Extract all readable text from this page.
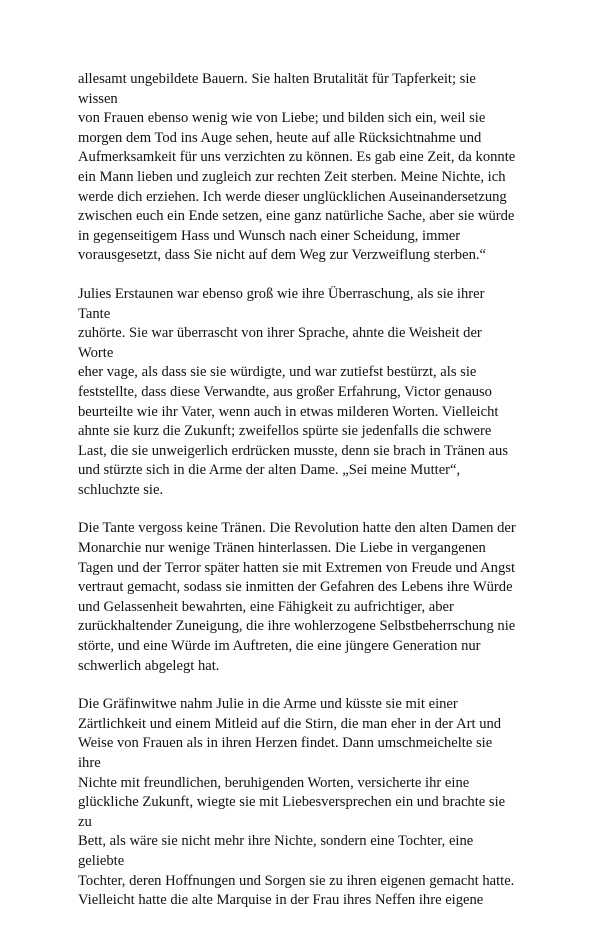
allesamt ungebildete Bauern. Sie halten Brutalität für Tapferkeit; sie wissen
von Frauen ebenso wenig wie von Liebe; und bilden sich ein, weil sie
morgen dem Tod ins Auge sehen, heute auf alle Rücksichtnahme und
Aufmerksamkeit für uns verzichten zu können. Es gab eine Zeit, da konnte
ein Mann lieben und zugleich zur rechten Zeit sterben. Meine Nichte, ich
werde dich erziehen. Ich werde dieser unglücklichen Auseinandersetzung
zwischen euch ein Ende setzen, eine ganz natürliche Sache, aber sie würde
in gegenseitigem Hass und Wunsch nach einer Scheidung, immer
vorausgesetzt, dass Sie nicht auf dem Weg zur Verzweiflung sterben.“

Julies Erstaunen war ebenso groß wie ihre Überraschung, als sie ihrer Tante
zuhörte. Sie war überrascht von ihrer Sprache, ahnte die Weisheit der Worte
eher vage, als dass sie sie würdigte, und war zutiefst bestürzt, als sie
feststellte, dass diese Verwandte, aus großer Erfahrung, Victor genauso
beurteilte wie ihr Vater, wenn auch in etwas milderen Worten. Vielleicht
ahnte sie kurz die Zukunft; zweifellos spürte sie jedenfalls die schwere
Last, die sie unweigerlich erdrücken musste, denn sie brach in Tränen aus
und stürzte sich in die Arme der alten Dame. „Sei meine Mutter“,
schluchzte sie.

Die Tante vergoss keine Tränen. Die Revolution hatte den alten Damen der
Monarchie nur wenige Tränen hinterlassen. Die Liebe in vergangenen
Tagen und der Terror später hatten sie mit Extremen von Freude und Angst
vertraut gemacht, sodass sie inmitten der Gefahren des Lebens ihre Würde
und Gelassenheit bewahrten, eine Fähigkeit zu aufrichtiger, aber
zurückhaltender Zuneigung, die ihre wohlerzogene Selbstbeherrschung nie
störte, und eine Würde im Auftreten, die eine jüngere Generation nur
schwerlich abgelegt hat.

Die Gräfinwitwe nahm Julie in die Arme und küsste sie mit einer
Zärtlichkeit und einem Mitleid auf die Stirn, die man eher in der Art und
Weise von Frauen als in ihren Herzen findet. Dann umschmeichelte sie ihre
Nichte mit freundlichen, beruhigenden Worten, versicherte ihr eine
glückliche Zukunft, wiegte sie mit Liebesversprechen ein und brachte sie zu
Bett, als wäre sie nicht mehr ihre Nichte, sondern eine Tochter, eine geliebte
Tochter, deren Hoffnungen und Sorgen sie zu ihren eigenen gemacht hatte.
Vielleicht hatte die alte Marquise in der Frau ihres Neffen ihre eigene
